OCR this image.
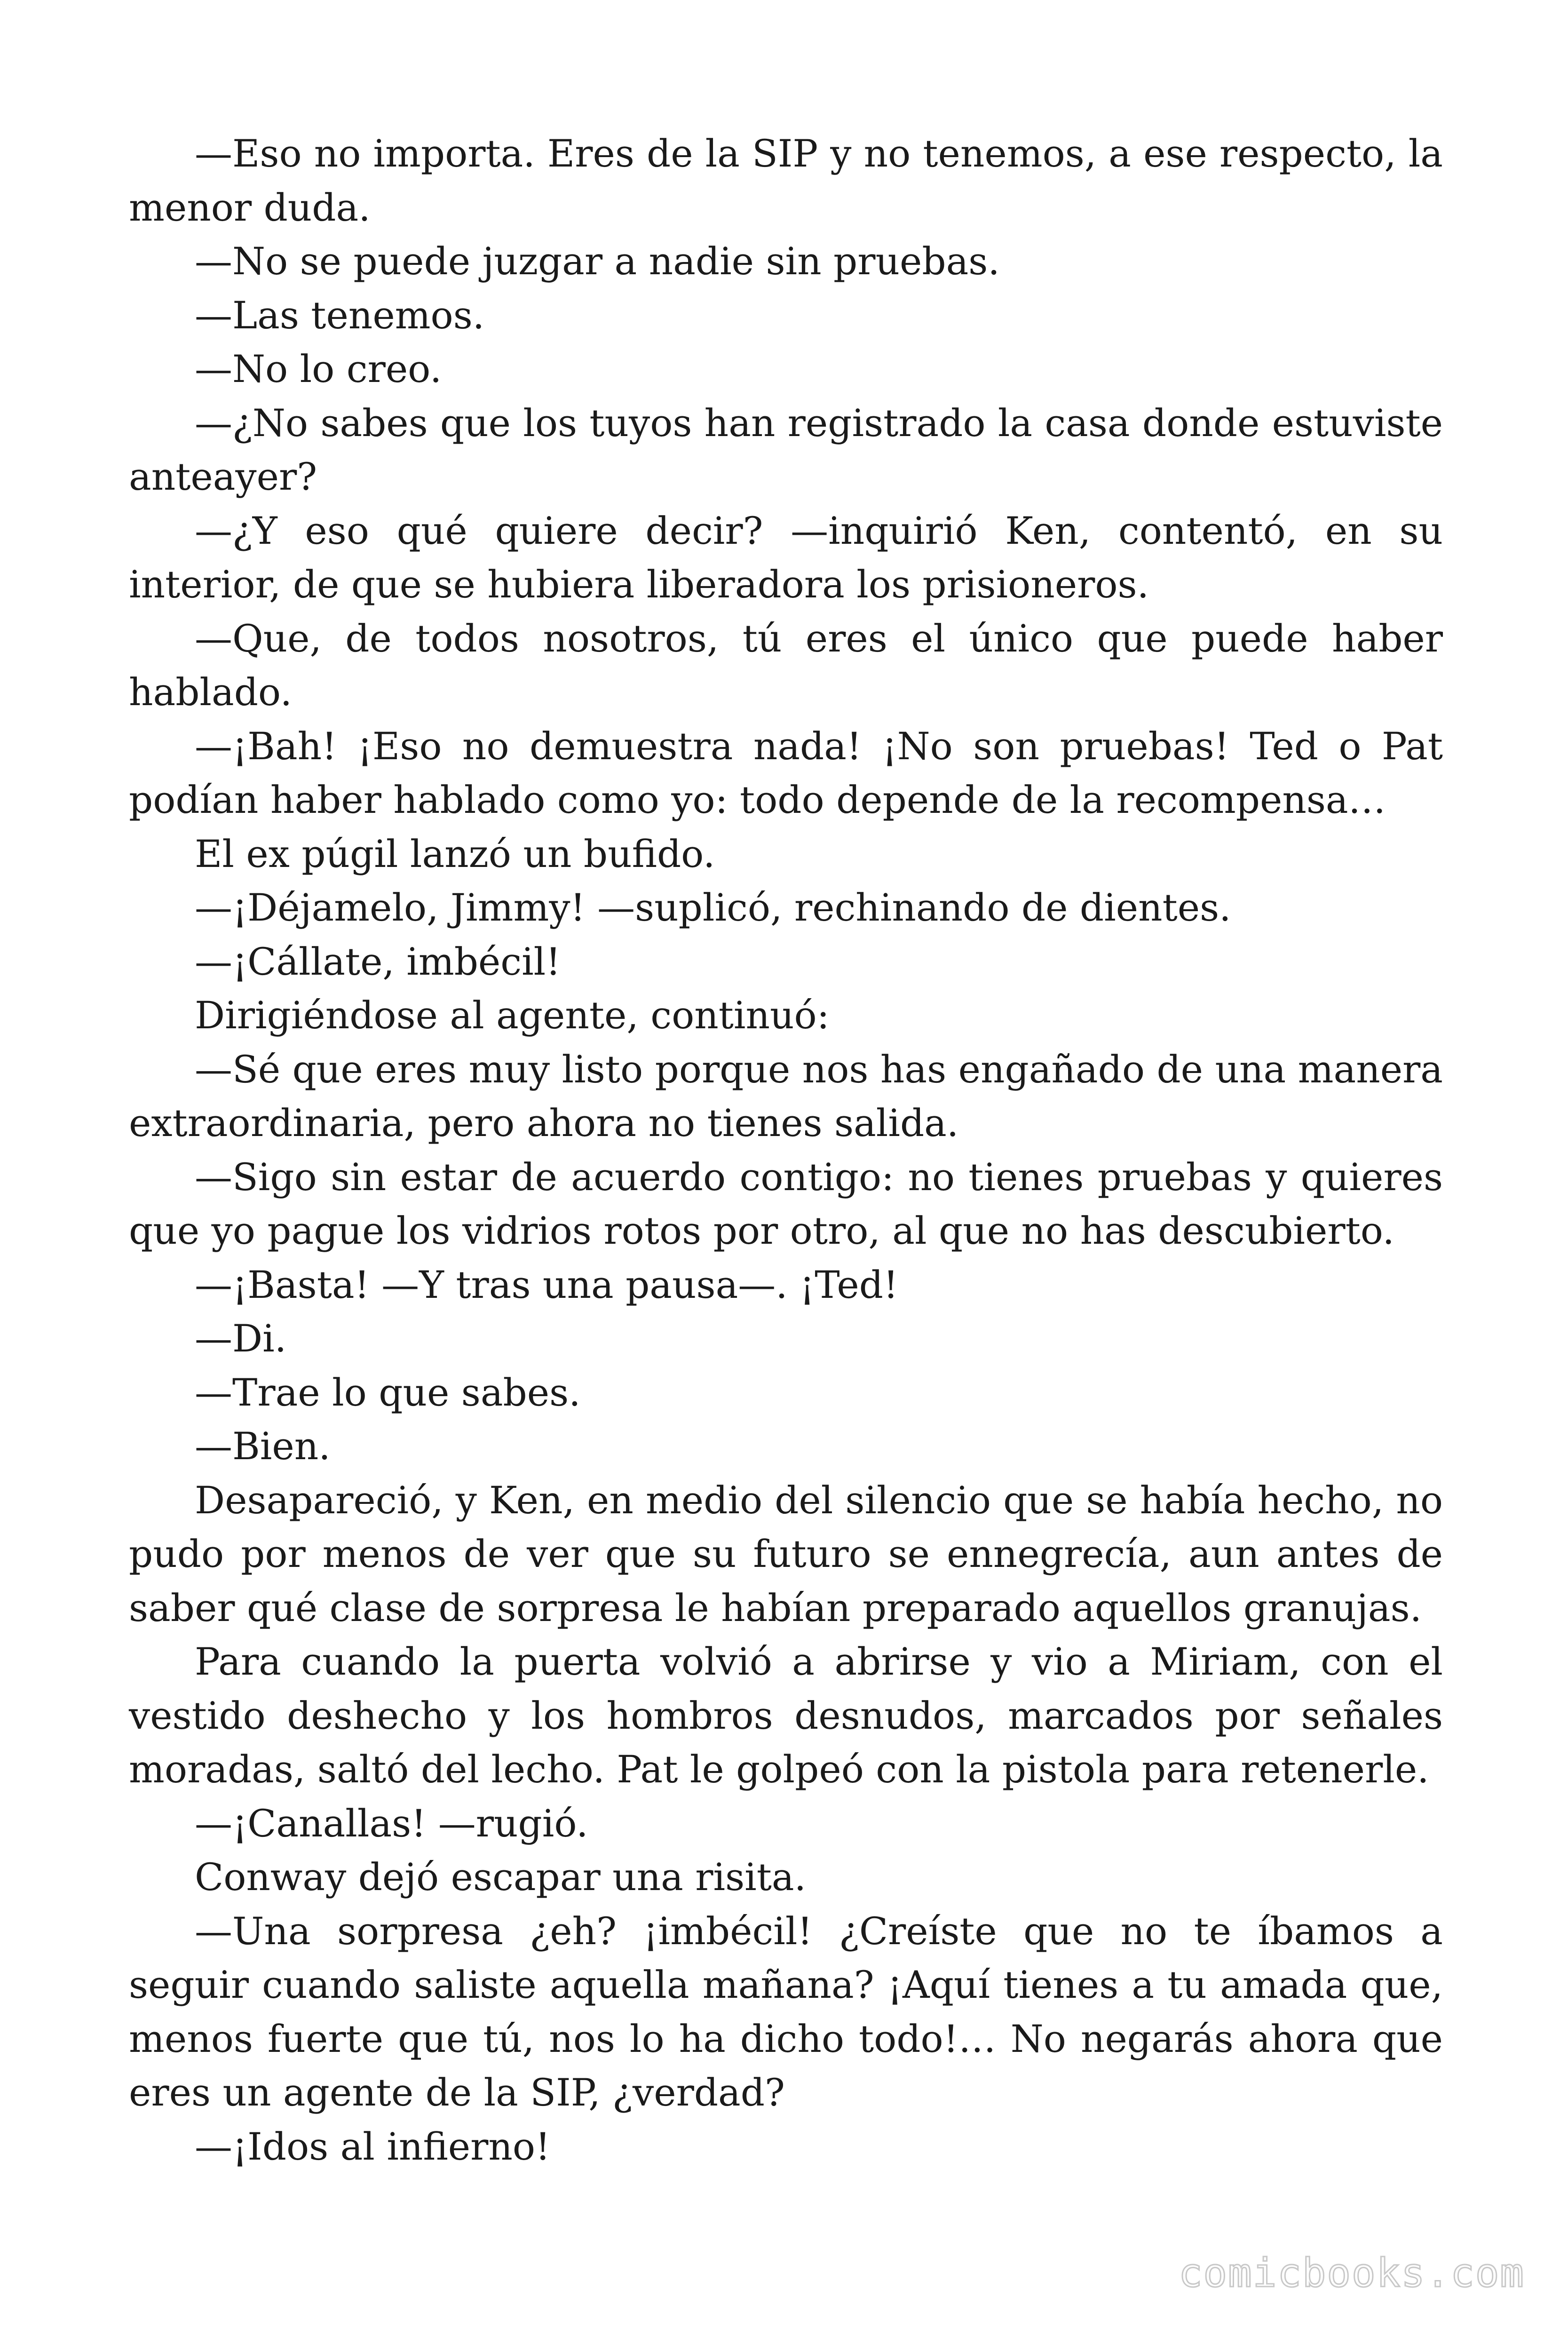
—Eso no importa. Eres de la SIP y no tenemos, a ese respecto, la menor duda.

—No se puede juzgar a nadie sin pruebas.

—Las tenemos.

—No lo creo.

—¿No sabes que los tuyos han registrado la casa donde estuviste anteayer?

—¿Y eso qué quiere decir? —inquirió Ken, contentó, en su interior, de que se hubiera liberadora los prisioneros.

—Que, de todos nosotros, tú eres el único que puede haber hablado.

—¡Bah! ¡Eso no demuestra nada! ¡No son pruebas! Ted o Pat podían haber hablado como yo: todo depende de la recompensa…

El ex púgil lanzó un bufido.

—¡Déjamelo, Jimmy! —suplicó, rechinando de dientes.

—¡Cállate, imbécil!

Dirigiéndose al agente, continuó:

—Sé que eres muy listo porque nos has engañado de una manera extraordinaria, pero ahora no tienes salida.

—Sigo sin estar de acuerdo contigo: no tienes pruebas y quieres que yo pague los vidrios rotos por otro, al que no has descubierto.

—¡Basta! —Y tras una pausa—. ¡Ted!

—Di.

—Trae lo que sabes.

—Bien.

Desapareció, y Ken, en medio del silencio que se había hecho, no pudo por menos de ver que su futuro se ennegrecía, aun antes de saber qué clase de sorpresa le habían preparado aquellos granujas.

Para cuando la puerta volvió a abrirse y vio a Miriam, con el vestido deshecho y los hombros desnudos, marcados por señales moradas, saltó del lecho. Pat le golpeó con la pistola para retenerle.

—¡Canallas! —rugió.

Conway dejó escapar una risita.

—Una sorpresa ¿eh? ¡imbécil! ¿Creíste que no te íbamos a seguir cuando saliste aquella mañana? ¡Aquí tienes a tu amada que, menos fuerte que tú, nos lo ha dicho todo!… No negarás ahora que eres un agente de la SIP, ¿verdad?

—¡Idos al infierno!

comicbooks.com
